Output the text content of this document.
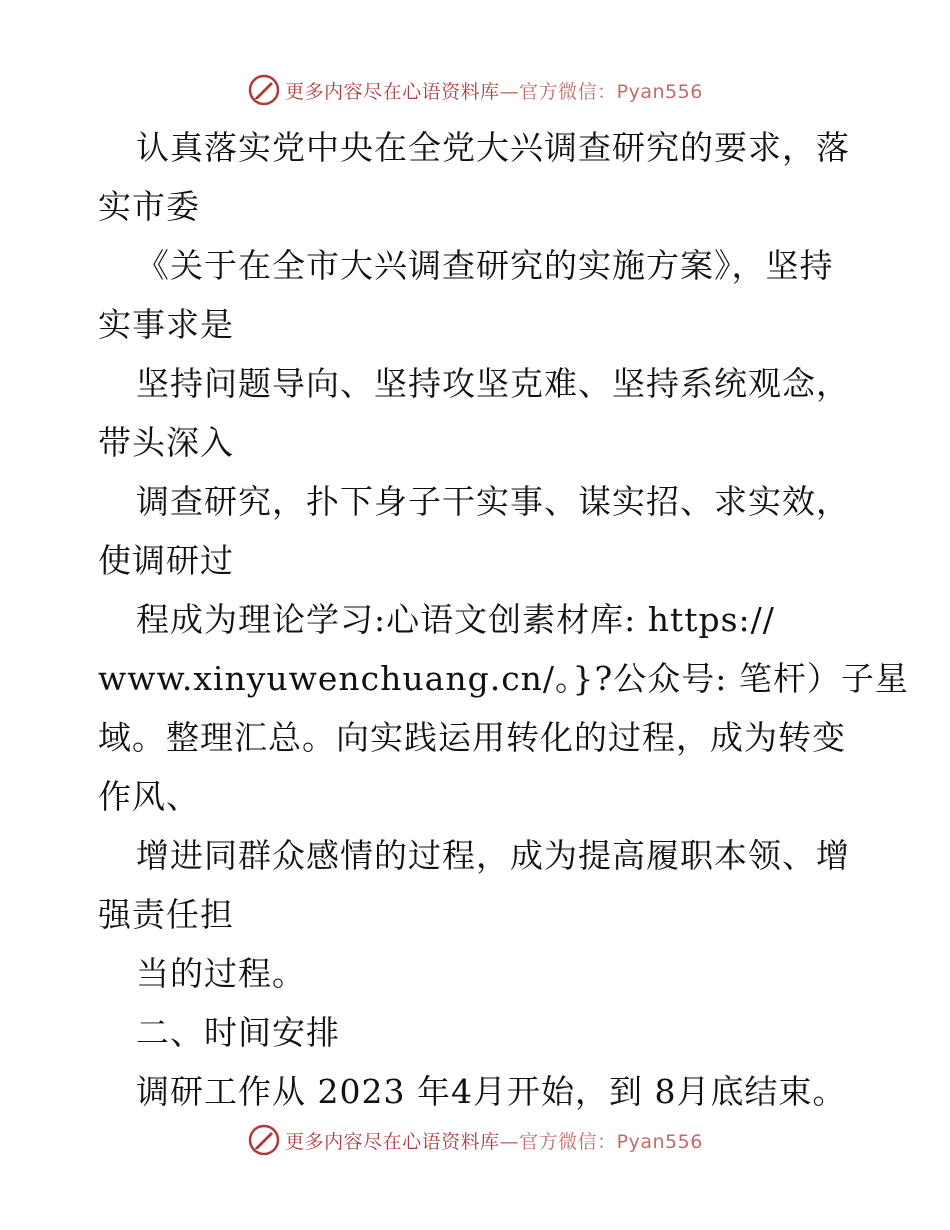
更多内容尽在心语资料库—官方微信：Pyan556
认真落实党中央在全党大兴调查研究的要求，落
实市委
《关于在全市大兴调查研究的实施方案》，坚持
实事求是
坚持问题导向、坚持攻坚克难、坚持系统观念，
带头深入
调查研究，扑下身子干实事、谋实招、求实效，
使调研过
程成为理论学习:心语文创素材库: https://
www.xinyuwenchuang.cn/。}?公众号: 笔杆）子星
域。整理汇总。向实践运用转化的过程，成为转变
作风、
增进同群众感情的过程，成为提高履职本领、增
强责任担
当的过程。
二、时间安排
调研工作从 2023 年4月开始，到 8月底结束。
更多内容尽在心语资料库—官方微信：Pyan556
